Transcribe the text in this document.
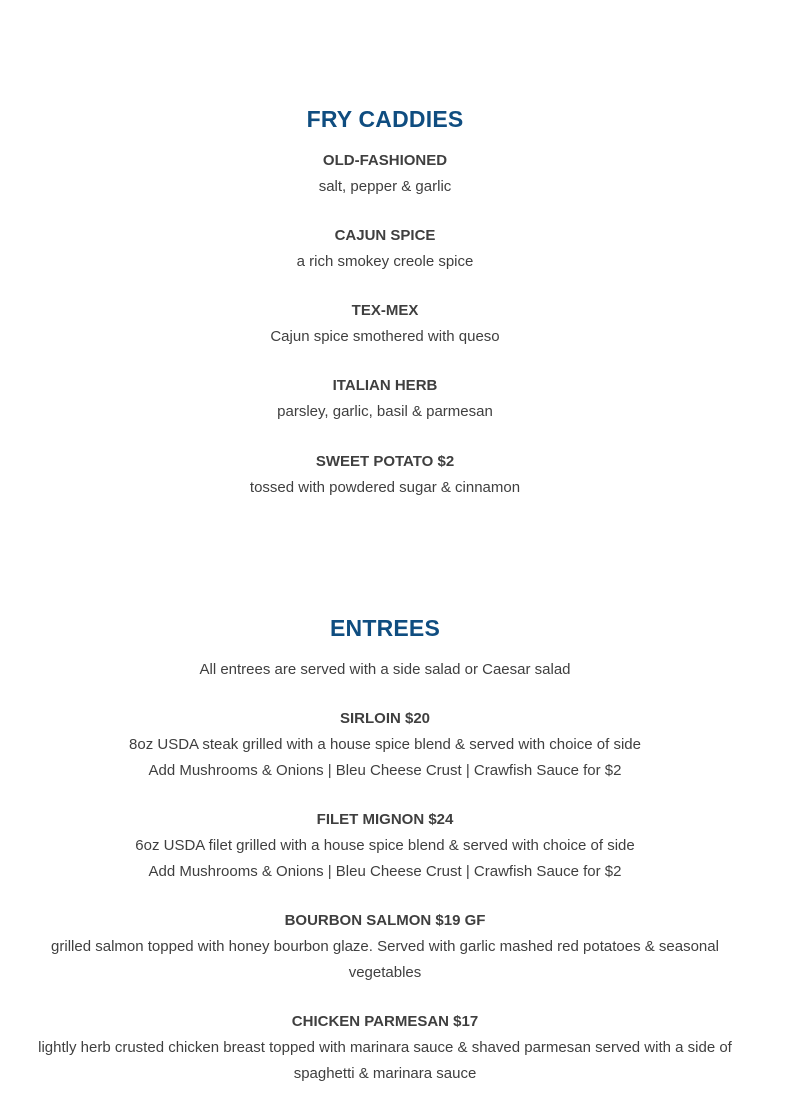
FRY CADDIES

OLD-FASHIONED

salt, pepper & garlic

CAJUN SPICE

a rich smokey creole spice

TEX-MEX

Cajun spice smothered with queso

ITALIAN HERB

parsley, garlic, basil & parmesan

SWEET POTATO $2

tossed with powdered sugar & cinnamon

ENTREES

All entrees are served with a side salad or Caesar salad

SIRLOIN $20

8oz USDA steak grilled with a house spice blend & served with choice of side

Add Mushrooms & Onions | Bleu Cheese Crust | Crawfish Sauce for $2

FILET MIGNON $24

6oz USDA filet grilled with a house spice blend & served with choice of side

Add Mushrooms & Onions | Bleu Cheese Crust | Crawfish Sauce for $2

BOURBON SALMON $19 GF

grilled salmon topped with honey bourbon glaze. Served with garlic mashed red potatoes & seasonal vegetables

CHICKEN PARMESAN $17

lightly herb crusted chicken breast topped with marinara sauce & shaved parmesan served with a side of spaghetti & marinara sauce
